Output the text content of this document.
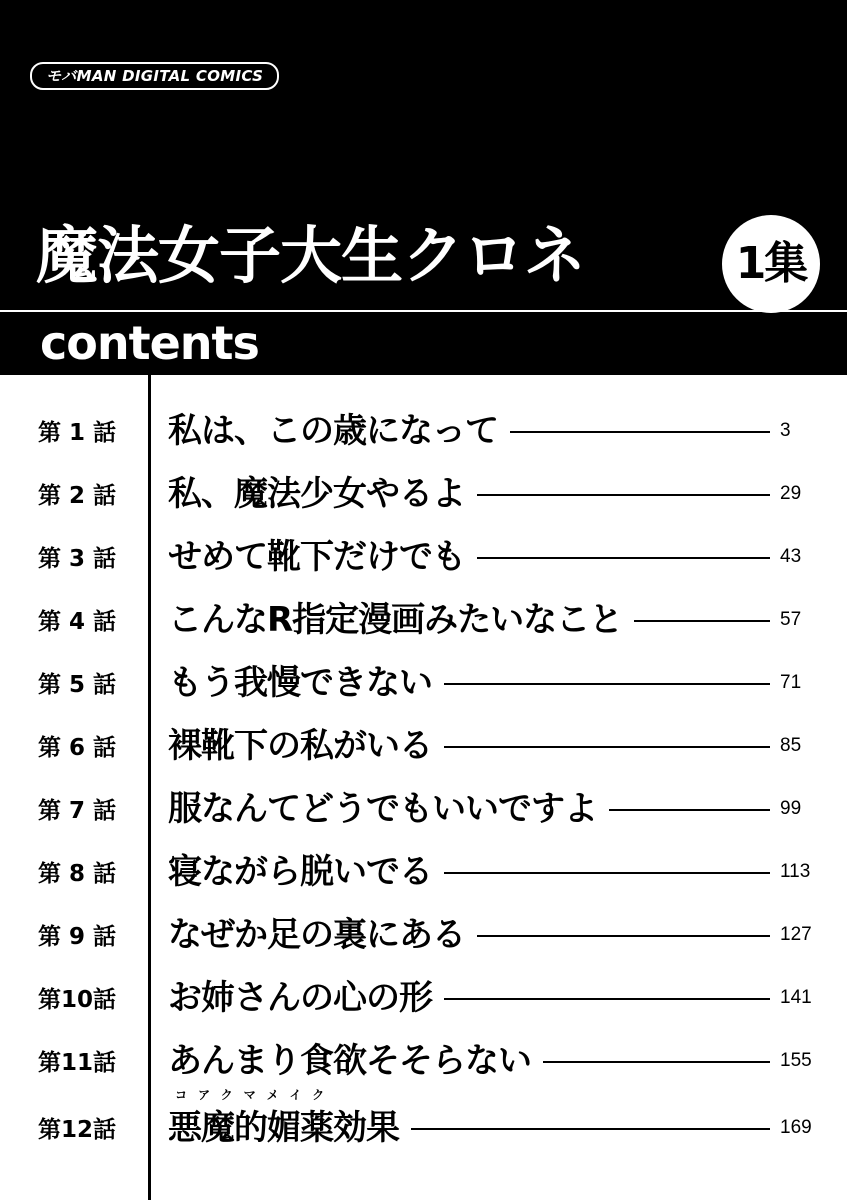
モバMAN DIGITAL COMICS
魔法女子大生クロネ	1集
contents
第 1 話 私は、この歳になって	3
第 2 話 私、魔法少女やるよ	29
第 3 話 せめて靴下だけでも	43
第 4 話 こんなR指定漫画みたいなこと	57
第 5 話 もう我慢できない	71
第 6 話 裸靴下の私がいる	85
第 7 話 服なんてどうでもいいですよ	99
第 8 話 寝ながら脱いでる	113
第 9 話 なぜか足の裏にある	127
第10話 お姉さんの心の形	141
第11話 あんまり食欲そそらない	155
コアクマメイク
第12話 悪魔的媚薬効果	169
